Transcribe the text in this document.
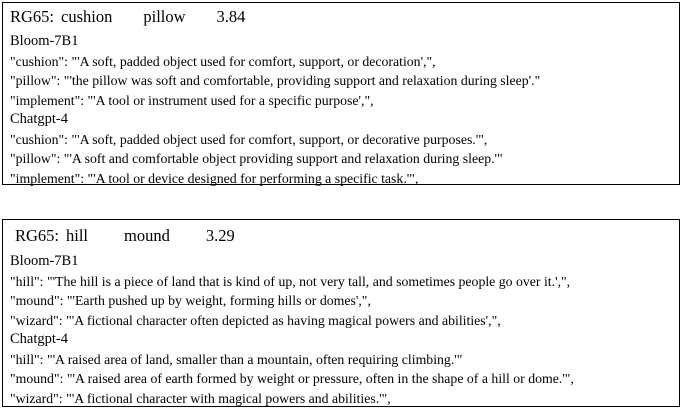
RG65: cushion pillow 3.84
Bloom-7B1
"cushion": "'A soft, padded object used for comfort, support, or decoration',",
"pillow": "'the pillow was soft and comfortable, providing support and relaxation during sleep'."
"implement": "'A tool or instrument used for a specific purpose',",
Chatgpt-4
"cushion": "'A soft, padded object used for comfort, support, or decorative purposes.'",
"pillow": "'A soft and comfortable object providing support and relaxation during sleep.'"
"implement": "'A tool or device designed for performing a specific task.'",
RG65: hill mound 3.29
Bloom-7B1
"hill": "'The hill is a piece of land that is kind of up, not very tall, and sometimes people go over it.',",
"mound": "'Earth pushed up by weight, forming hills or domes',",
"wizard": "'A fictional character often depicted as having magical powers and abilities',",
Chatgpt-4
"hill": "'A raised area of land, smaller than a mountain, often requiring climbing.'"
"mound": "'A raised area of earth formed by weight or pressure, often in the shape of a hill or dome.'",
"wizard": "'A fictional character with magical powers and abilities.'",
